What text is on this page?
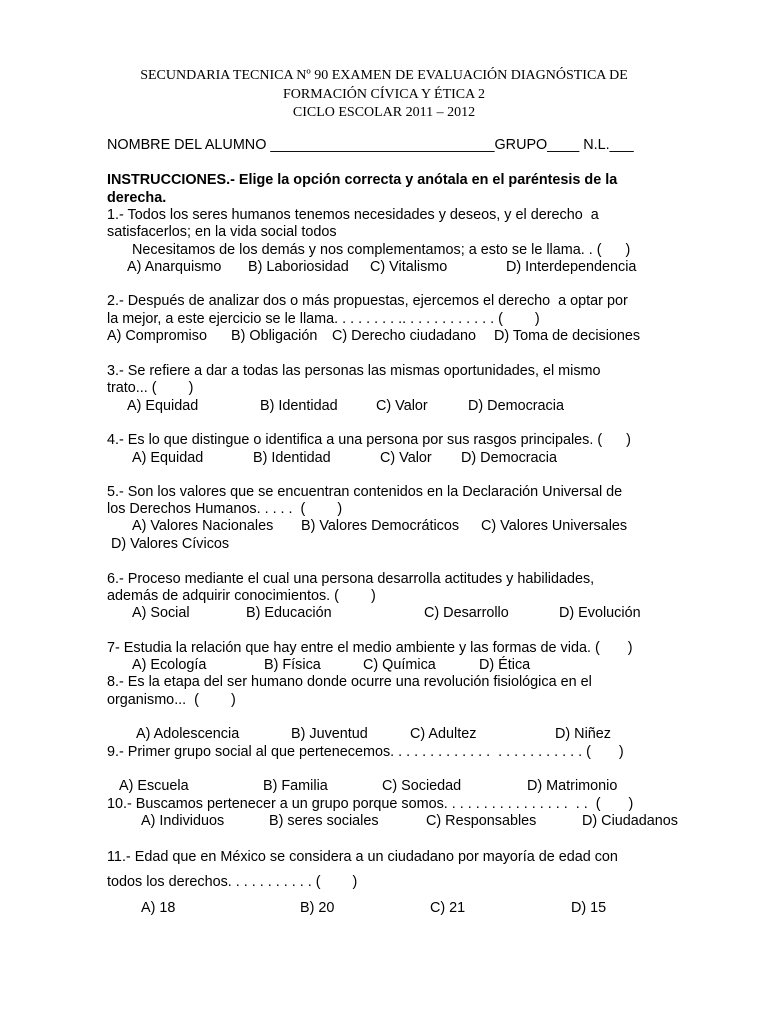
SECUNDARIA TECNICA Nº 90 EXAMEN DE EVALUACIÓN DIAGNÓSTICA DE
FORMACIÓN CÍVICA Y ÉTICA 2
CICLO ESCOLAR 2011 – 2012
NOMBRE DEL ALUMNO ____________________________GRUPO____ N.L.___
INSTRUCCIONES.- Elige la opción correcta y anótala en el paréntesis de la
derecha.
1.- Todos los seres humanos tenemos necesidades y deseos, y el derecho  a
satisfacerlos; en la vida social todos
Necesitamos de los demás y nos complementamos; a esto se le llama. . (      )
A) Anarquismo B) Laboriosidad C) Vitalismo	D) Interdependencia
2.- Después de analizar dos o más propuestas, ejercemos el derecho  a optar por
la mejor, a este ejercicio se le llama. . . . . . . . .. . . . . . . . . . . . (        )
A) Compromiso B) Obligación C) Derecho ciudadano D) Toma de decisiones
3.- Se refiere a dar a todas las personas las mismas oportunidades, el mismo
trato... (        )
A) Equidad	B) Identidad	C) Valor	D) Democracia
4.- Es lo que distingue o identifica a una persona por sus rasgos principales. (      )
A) Equidad	B) Identidad	C) Valor D) Democracia
5.- Son los valores que se encuentran contenidos en la Declaración Universal de
los Derechos Humanos. . . . .  (        )
A) Valores Nacionales B) Valores Democráticos C) Valores Universales
D) Valores Cívicos
6.- Proceso mediante el cual una persona desarrolla actitudes y habilidades,
además de adquirir conocimientos. (        )
A) Social	B) Educación	C) Desarrollo	D) Evolución
7- Estudia la relación que hay entre el medio ambiente y las formas de vida. (       )
A) Ecología	B) Física	C) Química	D) Ética
8.- Es la etapa del ser humano donde ocurre una revolución fisiológica en el
organismo...  (        )
A) Adolescencia	B) Juventud	C) Adultez	D) Niñez
9.- Primer grupo social al que pertenecemos. . . . . . . . . . . . .  . . . . . . . . . . . (       )
A) Escuela	B) Familia	C) Sociedad	D) Matrimonio
10.- Buscamos pertenecer a un grupo porque somos. . . . . . . . . . . . . . . .  . .  (       )
A) Individuos	B) seres sociales	C) Responsables	D) Ciudadanos
11.- Edad que en México se considera a un ciudadano por mayoría de edad con
todos los derechos. . . . . . . . . . . (        )
A) 18	B) 20	C) 21	D) 15
